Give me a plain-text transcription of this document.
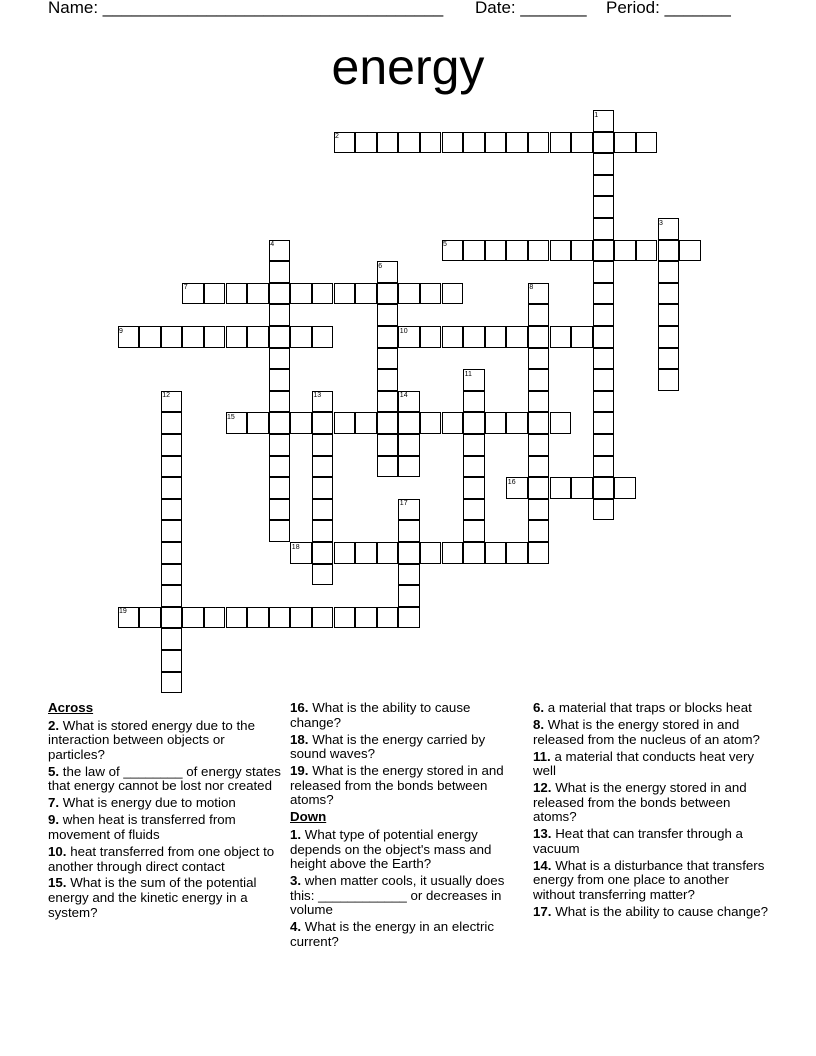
Name: ____________________________________ Date: _______ Period: _______
energy
1
2
3
4	5
6
7	8
9	10
11
12	13	14
15
16
17
18
19
Across
2. What is stored energy due to the interaction between objects or particles?
5. the law of ________ of energy states that energy cannot be lost nor created
7. What is energy due to motion
9. when heat is transferred from movement of fluids
10. heat transferred from one object to another through direct contact
15. What is the sum of the potential energy and the kinetic energy in a system?
16. What is the ability to cause change?
18. What is the energy carried by sound waves?
19. What is the energy stored in and released from the bonds between atoms?
Down
1. What type of potential energy depends on the object's mass and height above the Earth?
3. when matter cools, it usually does this: ____________ or decreases in volume
4. What is the energy in an electric current?
6. a material that traps or blocks heat
8. What is the energy stored in and released from the nucleus of an atom?
11. a material that conducts heat very well
12. What is the energy stored in and released from the bonds between atoms?
13. Heat that can transfer through a vacuum
14. What is a disturbance that transfers energy from one place to another without transferring matter?
17. What is the ability to cause change?
